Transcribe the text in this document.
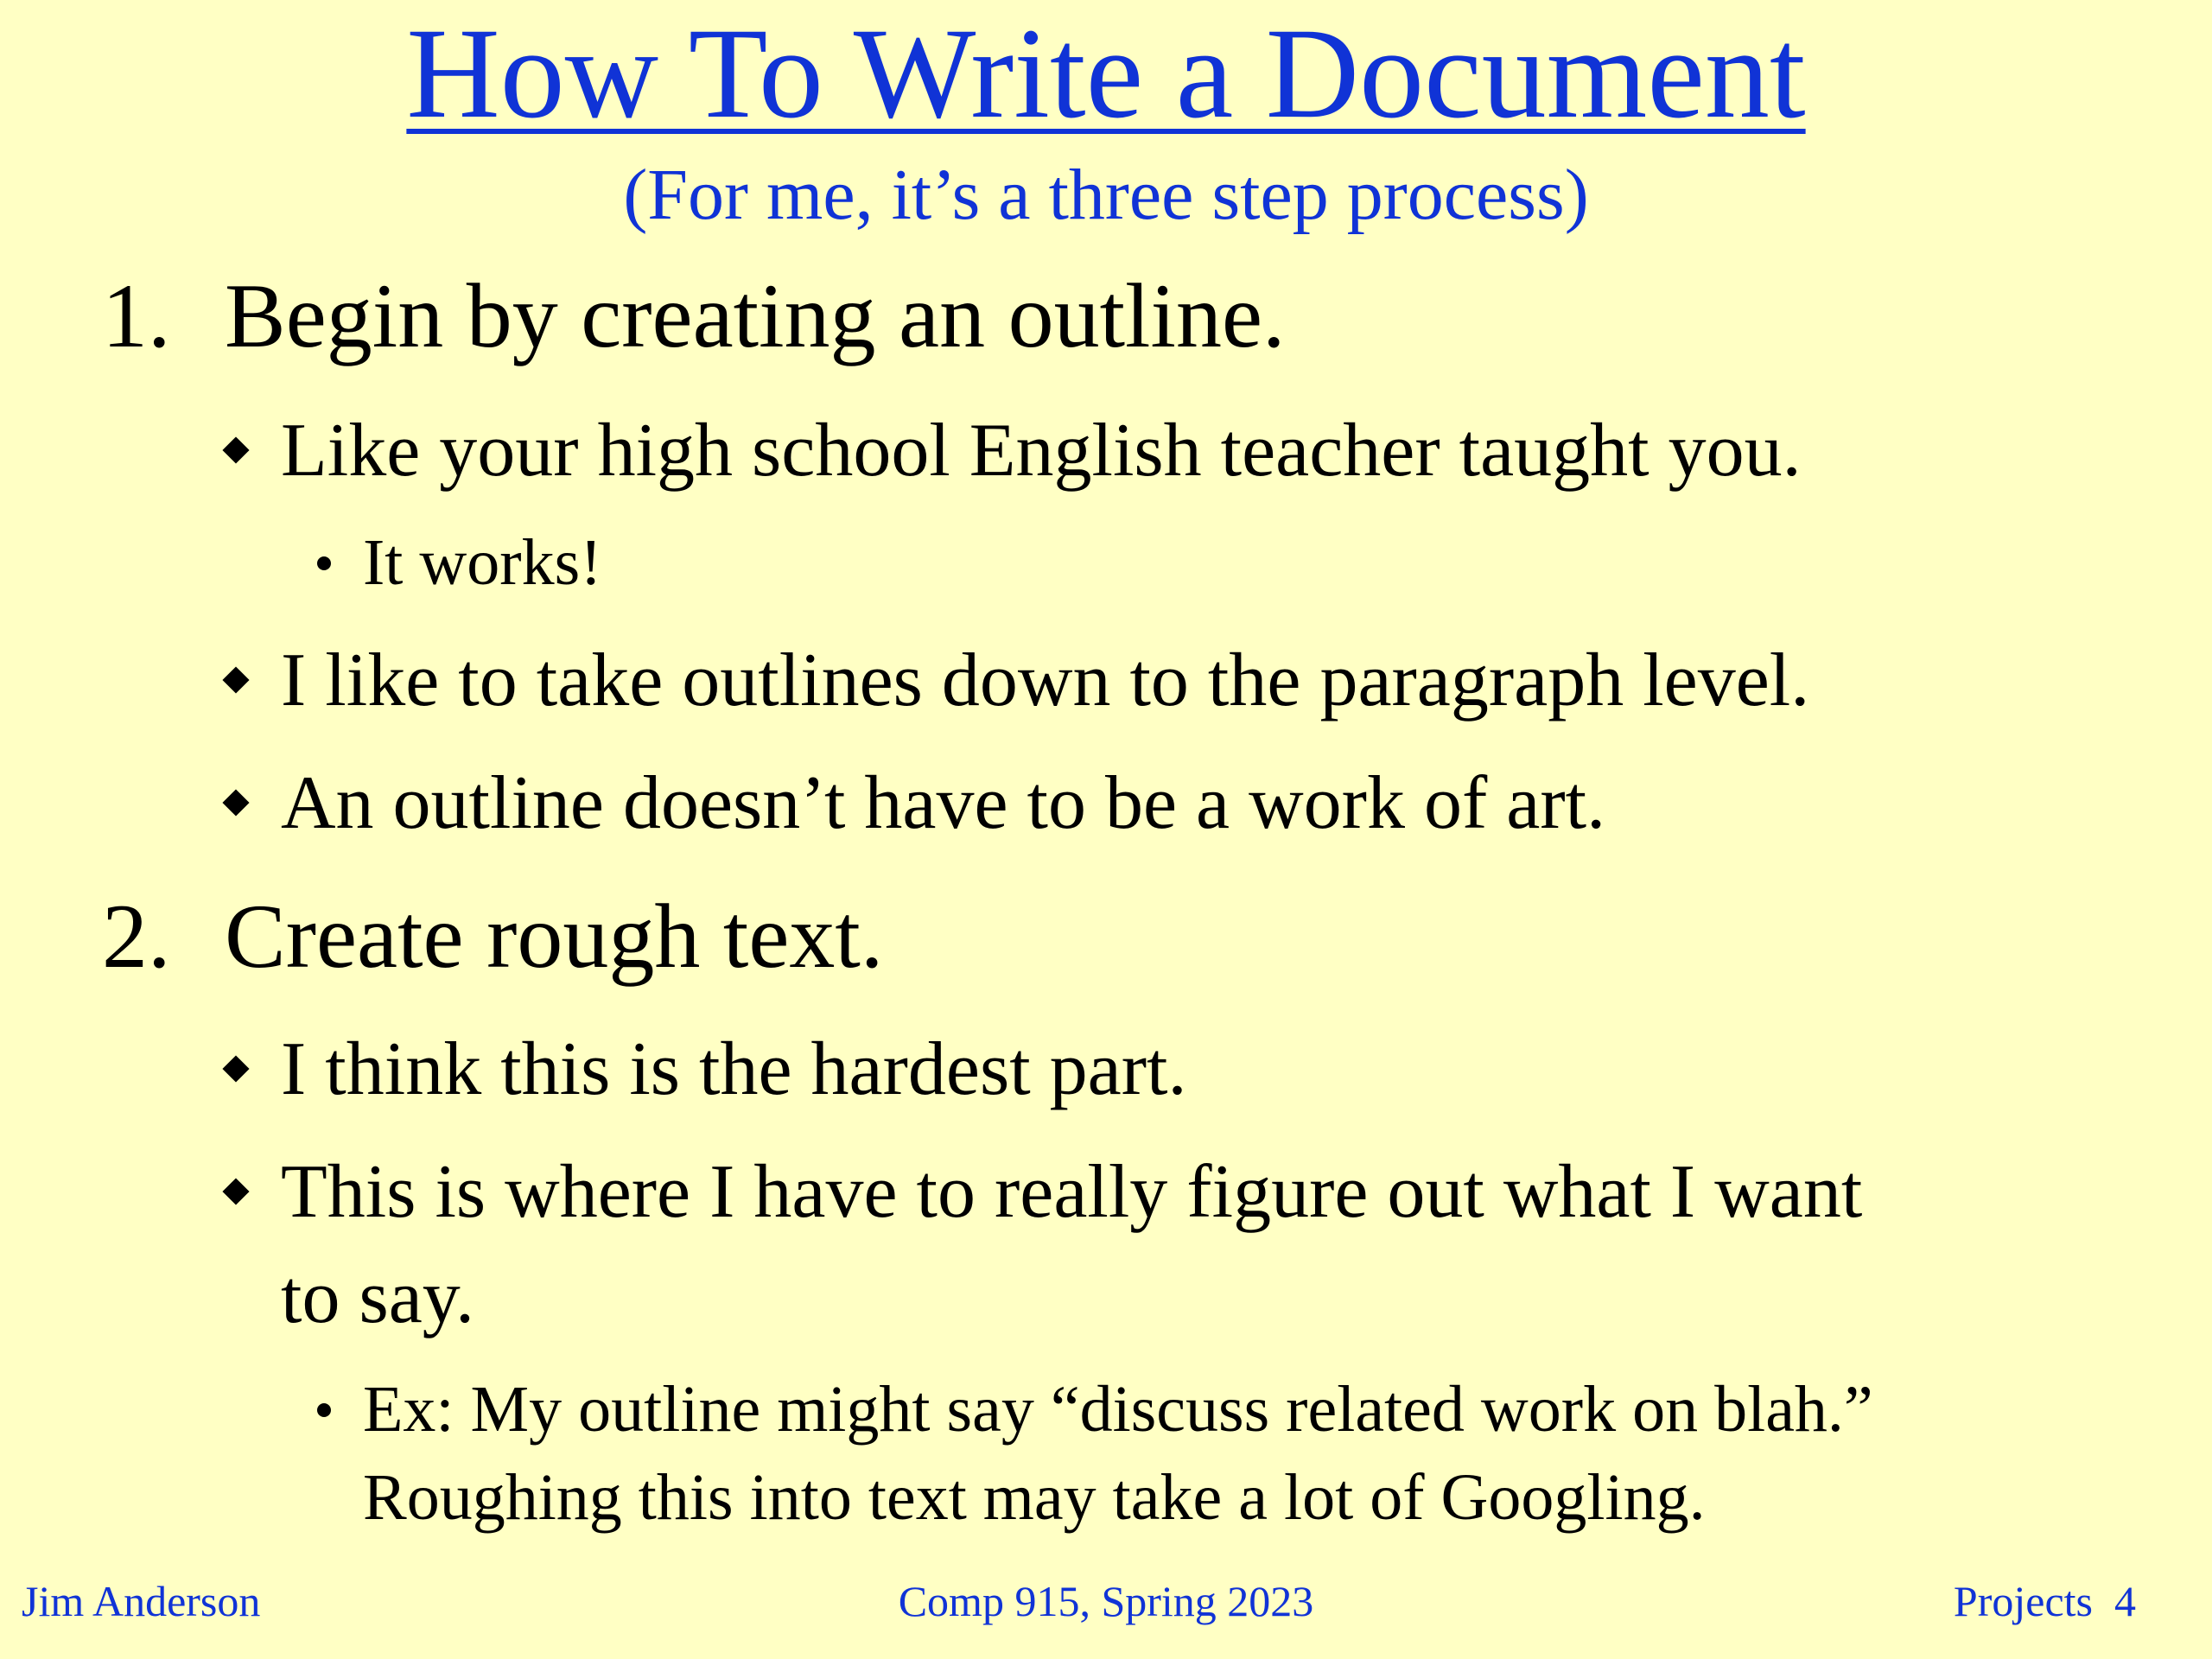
How To Write a Document
(For me, it’s a three step process)
1. Begin by creating an outline.
Like your high school English teacher taught you.
It works!
I like to take outlines down to the paragraph level.
An outline doesn’t have to be a work of art.
2. Create rough text.
I think this is the hardest part.
This is where I have to really figure out what I want
to say.
Ex: My outline might say “discuss related work on blah.”
Roughing this into text may take a lot of Googling.
Jim Anderson	Comp 915, Spring 2023	Projects 4
